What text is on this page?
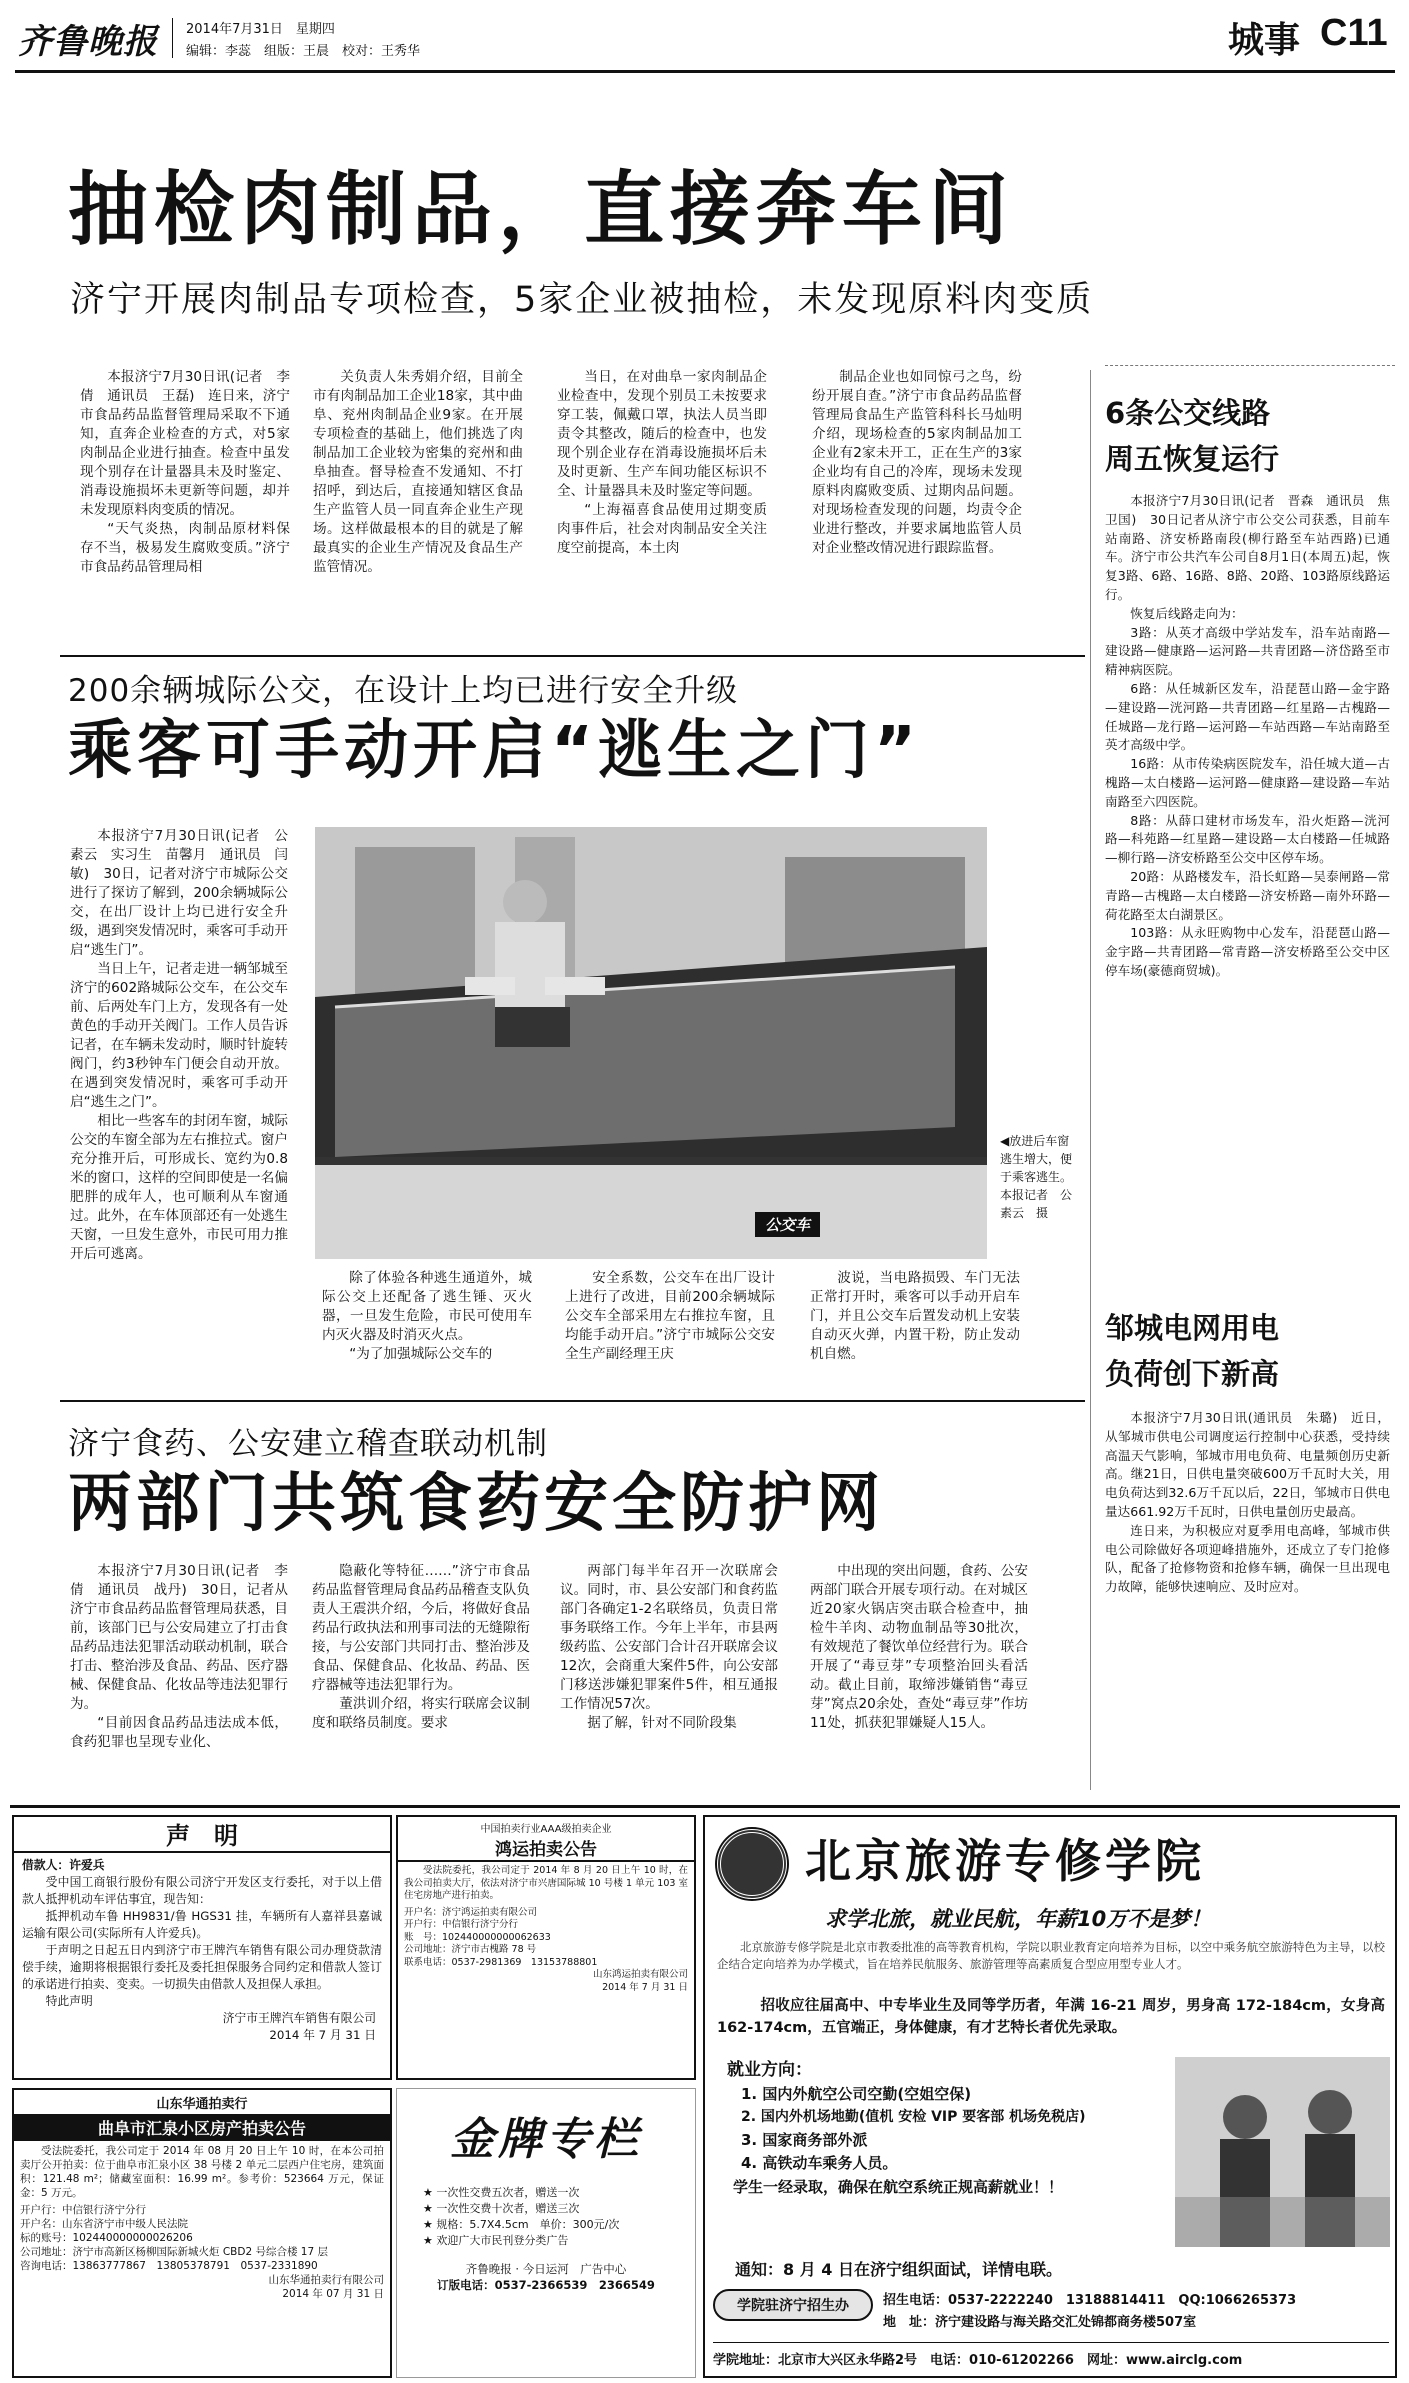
齐鲁晚报 2014年7月31日　星期四
编辑：李蕊　组版：王晨　校对：王秀华	城事 C11
抽检肉制品，直接奔车间
济宁开展肉制品专项检查，5家企业被抽检，未发现原料肉变质

本报济宁7月30日讯(记者　李倩　通讯员　王磊)　连日来，济宁市食品药品监督管理局采取不下通知，直奔企业检查的方式，对5家肉制品企业进行抽查。检查中虽发现个别存在计量器具未及时鉴定、消毒设施损坏未更新等问题，却并未发现原料肉变质的情况。

“天气炎热，肉制品原材料保存不当，极易发生腐败变质。”济宁市食品药品管理局相

关负责人朱秀娟介绍，目前全市有肉制品加工企业18家，其中曲阜、兖州肉制品企业9家。在开展专项检查的基础上，他们挑选了肉制品加工企业较为密集的兖州和曲阜抽查。督导检查不发通知、不打招呼，到达后，直接通知辖区食品生产监管人员一同直奔企业生产现场。这样做最根本的目的就是了解最真实的企业生产情况及食品生产监管情况。

当日，在对曲阜一家肉制品企业检查中，发现个别员工未按要求穿工装，佩戴口罩，执法人员当即责令其整改，随后的检查中，也发现个别企业存在消毒设施损坏后未及时更新、生产车间功能区标识不全、计量器具未及时鉴定等问题。

“上海福喜食品使用过期变质肉事件后，社会对肉制品安全关注度空前提高，本土肉

制品企业也如同惊弓之鸟，纷纷开展自查。”济宁市食品药品监督管理局食品生产监管科科长马灿明介绍，现场检查的5家肉制品加工企业有2家未开工，正在生产的3家企业均有自己的冷库，现场未发现原料肉腐败变质、过期肉品问题。对现场检查发现的问题，均责令企业进行整改，并要求属地监管人员对企业整改情况进行跟踪监督。

6条公交线路
周五恢复运行

本报济宁7月30日讯(记者　晋森　通讯员　焦卫国)　30日记者从济宁市公交公司获悉，目前车站南路、济安桥路南段(柳行路至车站西路)已通车。济宁市公共汽车公司自8月1日(本周五)起，恢复3路、6路、16路、8路、20路、103路原线路运行。

恢复后线路走向为：

3路：从英才高级中学站发车，沿车站南路—建设路—健康路—运河路—共青团路—济岱路至市精神病医院。

6路：从任城新区发车，沿琵琶山路—金宇路—建设路—洸河路—共青团路—红星路—古槐路—任城路—龙行路—运河路—车站西路—车站南路至英才高级中学。

16路：从市传染病医院发车，沿任城大道—古槐路—太白楼路—运河路—健康路—建设路—车站南路至六四医院。

8路：从薛口建材市场发车，沿火炬路—洸河路—科苑路—红星路—建设路—太白楼路—任城路—柳行路—济安桥路至公交中区停车场。

20路：从路楼发车，沿长虹路—吴泰闸路—常青路—古槐路—太白楼路—济安桥路—南外环路—荷花路至太白湖景区。

103路：从永旺购物中心发车，沿琵琶山路—金宇路—共青团路—常青路—济安桥路至公交中区停车场(豪德商贸城)。

邹城电网用电
负荷创下新高

本报济宁7月30日讯(通讯员　朱璐)　近日，从邹城市供电公司调度运行控制中心获悉，受持续高温天气影响，邹城市用电负荷、电量频创历史新高。继21日，日供电量突破600万千瓦时大关，用电负荷达到32.6万千瓦以后，22日，邹城市日供电量达661.92万千瓦时，日供电量创历史最高。

连日来，为积极应对夏季用电高峰，邹城市供电公司除做好各项迎峰措施外，还成立了专门抢修队，配备了抢修物资和抢修车辆，确保一旦出现电力故障，能够快速响应、及时应对。

200余辆城际公交，在设计上均已进行安全升级
乘客可手动开启“逃生之门”

本报济宁7月30日讯(记者　公素云　实习生　苗馨月　通讯员　闫敏)　30日，记者对济宁市城际公交进行了探访了解到，200余辆城际公交，在出厂设计上均已进行安全升级，遇到突发情况时，乘客可手动开启“逃生门”。

当日上午，记者走进一辆邹城至济宁的602路城际公交车，在公交车前、后两处车门上方，发现各有一处黄色的手动开关阀门。工作人员告诉记者，在车辆未发动时，顺时针旋转阀门，约3秒钟车门便会自动开放。在遇到突发情况时，乘客可手动开启“逃生之门”。

相比一些客车的封闭车窗，城际公交的车窗全部为左右推拉式。窗户充分推开后，可形成长、宽约为0.8米的窗口，这样的空间即使是一名偏肥胖的成年人，也可顺利从车窗通过。此外，在车体顶部还有一处逃生天窗，一旦发生意外，市民可用力推开后可逃离。

公交车
◀放进后车窗逃生增大，便于乘客逃生。本报记者　公素云　摄

除了体验各种逃生通道外，城际公交上还配备了逃生锤、灭火器，一旦发生危险，市民可使用车内灭火器及时消灭火点。

“为了加强城际公交车的

安全系数，公交车在出厂设计上进行了改进，目前200余辆城际公交车全部采用左右推拉车窗，且均能手动开启。”济宁市城际公交安全生产副经理王庆

波说，当电路损毁、车门无法正常打开时，乘客可以手动开启车门，并且公交车后置发动机上安装自动灭火弹，内置干粉，防止发动机自燃。

济宁食药、公安建立稽查联动机制
两部门共筑食药安全防护网

本报济宁7月30日讯(记者　李倩　通讯员　战丹)　30日，记者从济宁市食品药品监督管理局获悉，目前，该部门已与公安局建立了打击食品药品违法犯罪活动联动机制，联合打击、整治涉及食品、药品、医疗器械、保健食品、化妆品等违法犯罪行为。

“目前因食品药品违法成本低，食药犯罪也呈现专业化、

隐蔽化等特征……”济宁市食品药品监督管理局食品药品稽查支队负责人王震洪介绍，今后，将做好食品药品行政执法和刑事司法的无缝隙衔接，与公安部门共同打击、整治涉及食品、保健食品、化妆品、药品、医疗器械等违法犯罪行为。

董洪训介绍，将实行联席会议制度和联络员制度。要求

两部门每半年召开一次联席会议。同时，市、县公安部门和食药监部门各确定1-2名联络员，负责日常事务联络工作。今年上半年，市县两级药监、公安部门合计召开联席会议12次，会商重大案件5件，向公安部门移送涉嫌犯罪案件5件，相互通报工作情况57次。

据了解，针对不同阶段集

中出现的突出问题，食药、公安两部门联合开展专项行动。在对城区近20家火锅店突击联合检查中，抽检牛羊肉、动物血制品等30批次，有效规范了餐饮单位经营行为。联合开展了“毒豆芽”专项整治回头看活动。截止目前，取缔涉嫌销售“毒豆芽”窝点20余处，查处“毒豆芽”作坊11处，抓获犯罪嫌疑人15人。

声　明

借款人：许爱兵

受中国工商银行股份有限公司济宁开发区支行委托，对于以上借款人抵押机动车评估事宜，现告知：

抵押机动车鲁 HH9831/鲁 HGS31 挂，车辆所有人嘉祥县嘉诚运输有限公司(实际所有人许爱兵)。

于声明之日起五日内到济宁市王牌汽车销售有限公司办理贷款清偿手续，逾期将根据银行委托及委托担保服务合同约定和借款人签订的承诺进行拍卖、变卖。一切损失由借款人及担保人承担。

特此声明

济宁市王牌汽车销售有限公司
2014 年 7 月 31 日
中国拍卖行业AAA级拍卖企业
鸿运拍卖公告

受法院委托，我公司定于 2014 年 8 月 20 日上午 10 时，在我公司拍卖大厅，依法对济宁市兴唐国际城 10 号楼 1 单元 103 室住宅房地产进行拍卖。

开户名：济宁鸿运拍卖有限公司
开户行：中信银行济宁分行
账　号：102440000000062633
公司地址：济宁市古槐路 78 号
联系电话：0537-2981369　13153788801
山东鸿运拍卖有限公司
2014 年 7 月 31 日
山东华通拍卖行
曲阜市汇泉小区房产拍卖公告

受法院委托，我公司定于 2014 年 08 月 20 日上午 10 时，在本公司拍卖厅公开拍卖：位于曲阜市汇泉小区 38 号楼 2 单元二层西户住宅房，建筑面积：121.48 m²；储藏室面积：16.99 m²。参考价：523664 万元，保证金：5 万元。

开户行：中信银行济宁分行
开户名：山东省济宁市中级人民法院
标的账号：102440000000026206
公司地址：济宁市高新区杨柳国际新城火炬 CBD2 号综合楼 17 层
咨询电话：13863777867　13805378791　0537-2331890
山东华通拍卖行有限公司
2014 年 07 月 31 日
金牌专栏
★ 一次性交费五次者，赠送一次
★ 一次性交费十次者，赠送三次
★ 规格：5.7X4.5cm　单价：300元/次
★ 欢迎广大市民刊登分类广告
齐鲁晚报 · 今日运河　广告中心
订版电话：0537-2366539　2366549
北京旅游专修学院
求学北旅，就业民航，年薪10万不是梦！

北京旅游专修学院是北京市教委批准的高等教育机构，学院以职业教育定向培养为目标，以空中乘务航空旅游特色为主导，以校企结合定向培养为办学模式，旨在培养民航服务、旅游管理等高素质复合型应用型专业人才。

招收应往届高中、中专毕业生及同等学历者，年满 16-21 周岁，男身高 172-184cm，女身高 162-174cm，五官端正，身体健康，有才艺特长者优先录取。

就业方向：
1. 国内外航空公司空勤(空姐空保)
2. 国内外机场地勤(值机 安检 VIP 要客部 机场免税店)
3. 国家商务部外派
4. 高铁动车乘务人员。
学生一经录取，确保在航空系统正规高薪就业！！
通知：8 月 4 日在济宁组织面试，详情电联。
学院驻济宁招生办	招生电话：0537-2222240　13188814411　QQ:1066265373
地　址：济宁建设路与海关路交汇处锦都商务楼507室
学院地址：北京市大兴区永华路2号　电话：010-61202266　网址：www.airclg.com
